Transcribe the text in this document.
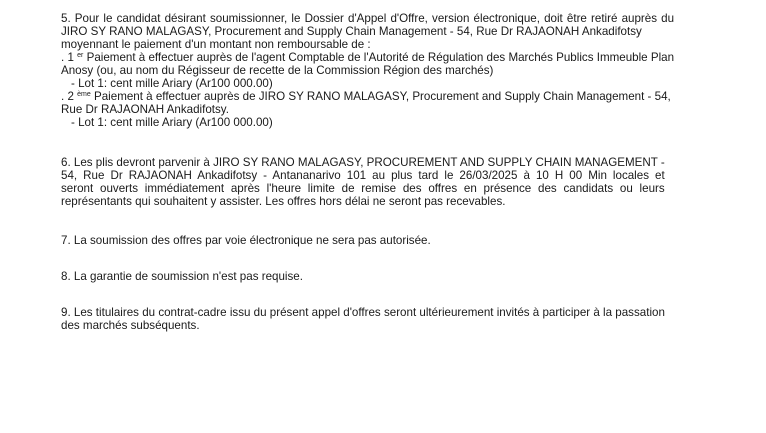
5. Pour le candidat désirant soumissionner, le Dossier d'Appel d'Offre, version électronique, doit être retiré auprès du
JIRO SY RANO MALAGASY, Procurement and Supply Chain Management - 54, Rue Dr RAJAONAH Ankadifotsy
moyennant le paiement d'un montant non remboursable de :
. 1 $^{er}$ Paiement à effectuer auprès de l'agent Comptable de l'Autorité de Régulation des Marchés Publics Immeuble Plan
Anosy (ou, au nom du Régisseur de recette de la Commission Région des marchés)
- Lot 1: cent mille Ariary (Ar100 000.00)
. 2 $^{ème}$ Paiement à effectuer auprès de JIRO SY RANO MALAGASY, Procurement and Supply Chain Management - 54,
Rue Dr RAJAONAH Ankadifotsy.
- Lot 1: cent mille Ariary (Ar100 000.00)
6. Les plis devront parvenir à JIRO SY RANO MALAGASY, PROCUREMENT AND SUPPLY CHAIN MANAGEMENT -
54, Rue Dr RAJAONAH Ankadifotsy - Antananarivo 101 au plus tard le 26/03/2025 à 10 H 00 Min locales et
seront ouverts immédiatement après l'heure limite de remise des offres en présence des candidats ou leurs
représentants qui souhaitent y assister. Les offres hors délai ne seront pas recevables.
7. La soumission des offres par voie électronique ne sera pas autorisée.
8. La garantie de soumission n'est pas requise.
9. Les titulaires du contrat-cadre issu du présent appel d'offres seront ultérieurement invités à participer à la passation
des marchés subséquents.
